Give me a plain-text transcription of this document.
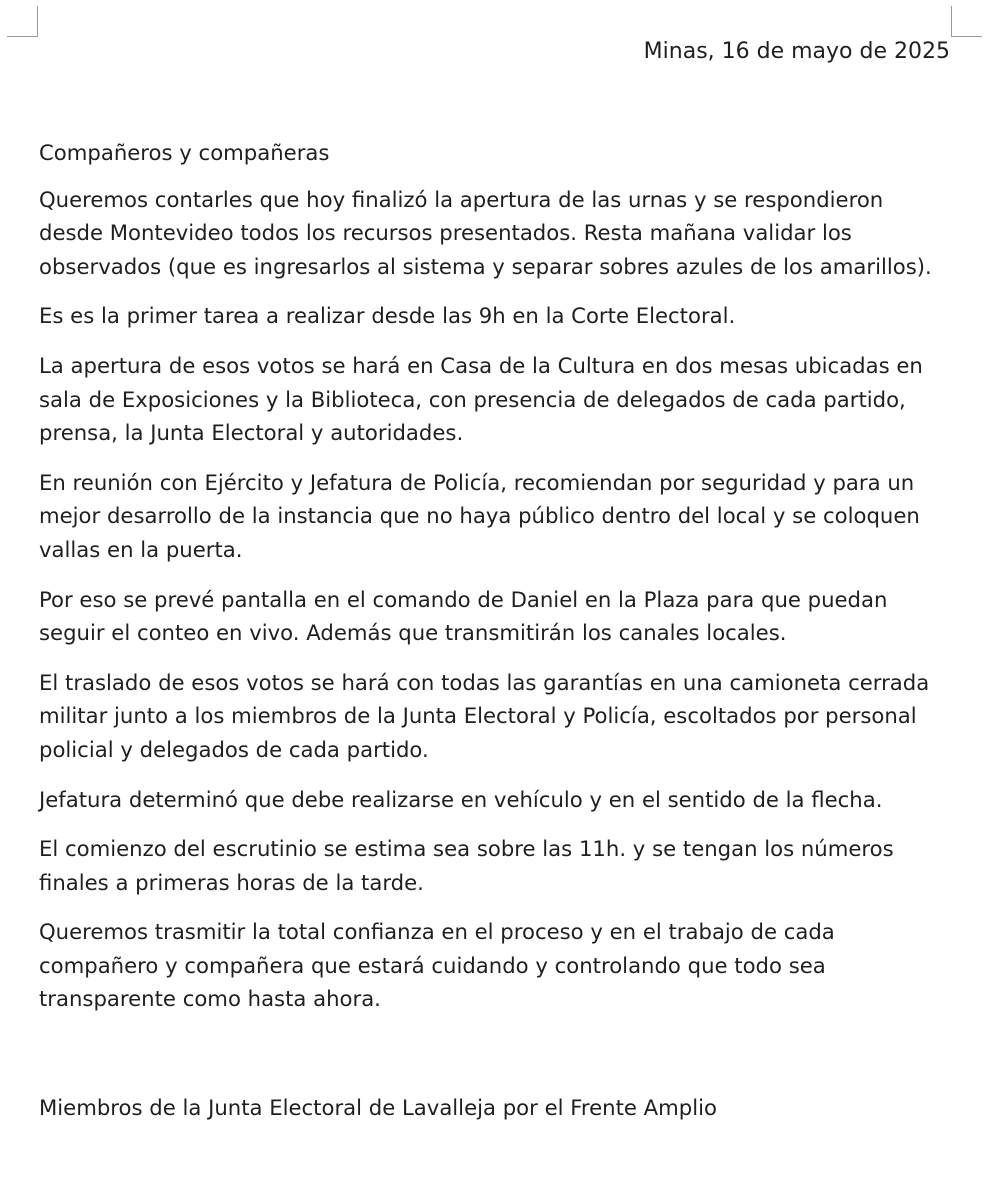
Minas, 16 de mayo de 2025

Compañeros y compañeras

Queremos contarles que hoy finalizó la apertura de las urnas y se respondieron desde Montevideo todos los recursos presentados. Resta mañana validar los observados (que es ingresarlos al sistema y separar sobres azules de los amarillos).

Es es la primer tarea a realizar desde las 9h en la Corte Electoral.

La apertura de esos votos se hará en Casa de la Cultura en dos mesas ubicadas en sala de Exposiciones y la Biblioteca, con presencia de delegados de cada partido, prensa, la Junta Electoral y autoridades.

En reunión con Ejército y Jefatura de Policía, recomiendan por seguridad y para un mejor desarrollo de la instancia que no haya público dentro del local y se coloquen vallas en la puerta.

Por eso se prevé pantalla en el comando de Daniel en la Plaza para que puedan seguir el conteo en vivo. Además que transmitirán los canales locales.

El traslado de esos votos se hará con todas las garantías en una camioneta cerrada militar junto a los miembros de la Junta Electoral y Policía, escoltados por personal policial y delegados de cada partido.

Jefatura determinó que debe realizarse en vehículo y en el sentido de la flecha.

El comienzo del escrutinio se estima sea sobre las 11h. y se tengan los números finales a primeras horas de la tarde.

Queremos trasmitir la total confianza en el proceso y en el trabajo de cada compañero y compañera que estará cuidando y controlando que todo sea transparente como hasta ahora.

Miembros de la Junta Electoral de Lavalleja por el Frente Amplio
